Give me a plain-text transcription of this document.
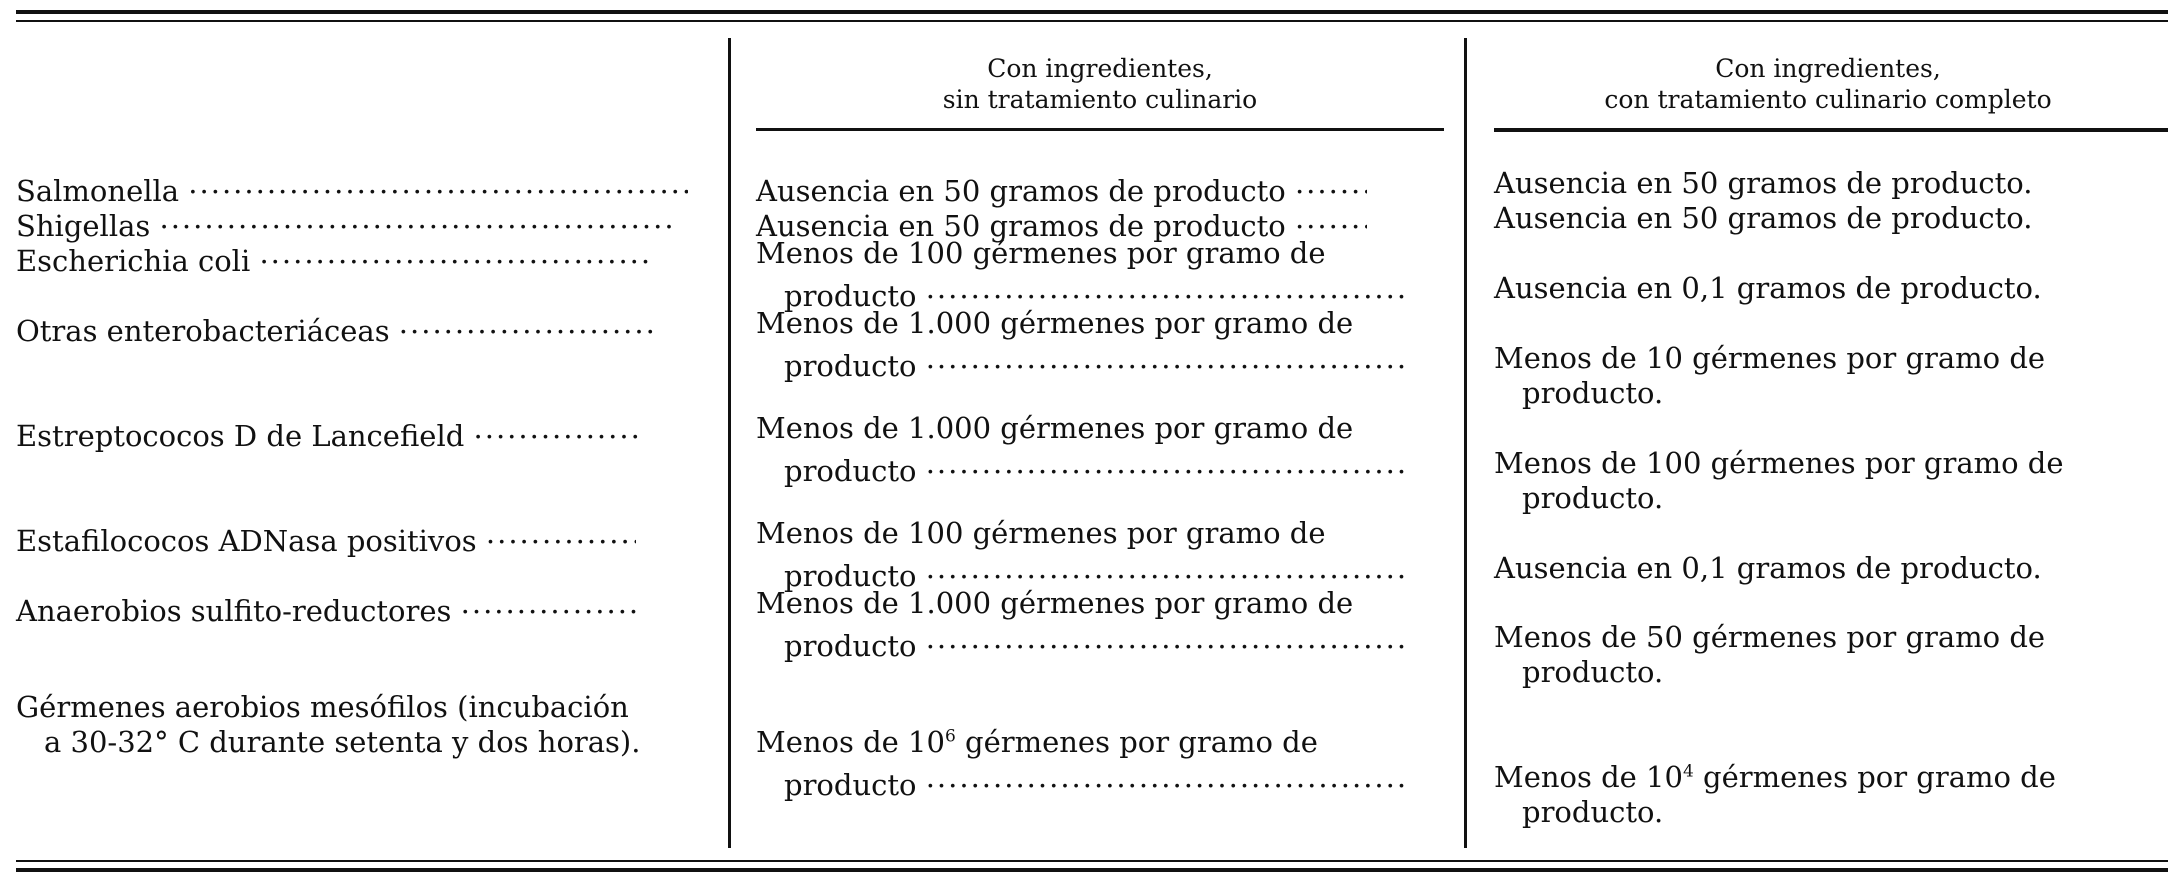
Con ingredientes,
sin tratamiento culinario
Con ingredientes,
con tratamiento culinario completo
Salmonella .....
Shigellas .....
Escherichia coli .....
Otras enterobacteriáceas .....
Estreptococos D de Lancefield .....
Estafilococos ADNasa positivos .....
Anaerobios sulfito-reductores .....
Gérmenes aerobios mesófilos (incubación
a 30-32° C durante setenta y dos horas).
Ausencia en 50 gramos de producto .....
Ausencia en 50 gramos de producto .....
Menos de 100 gérmenes por gramo de
producto .....
Menos de 1.000 gérmenes por gramo de
producto .....
Menos de 1.000 gérmenes por gramo de
producto .....
Menos de 100 gérmenes por gramo de
producto .....
Menos de 1.000 gérmenes por gramo de
producto .....
Menos de $10^6$ gérmenes por gramo de
producto .....
Ausencia en 50 gramos de producto.
Ausencia en 50 gramos de producto.
Ausencia en 0,1 gramos de producto.
Menos de 10 gérmenes por gramo de
producto.
Menos de 100 gérmenes por gramo de
producto.
Ausencia en 0,1 gramos de producto.
Menos de 50 gérmenes por gramo de
producto.
Menos de $10^4$ gérmenes por gramo de
producto.
